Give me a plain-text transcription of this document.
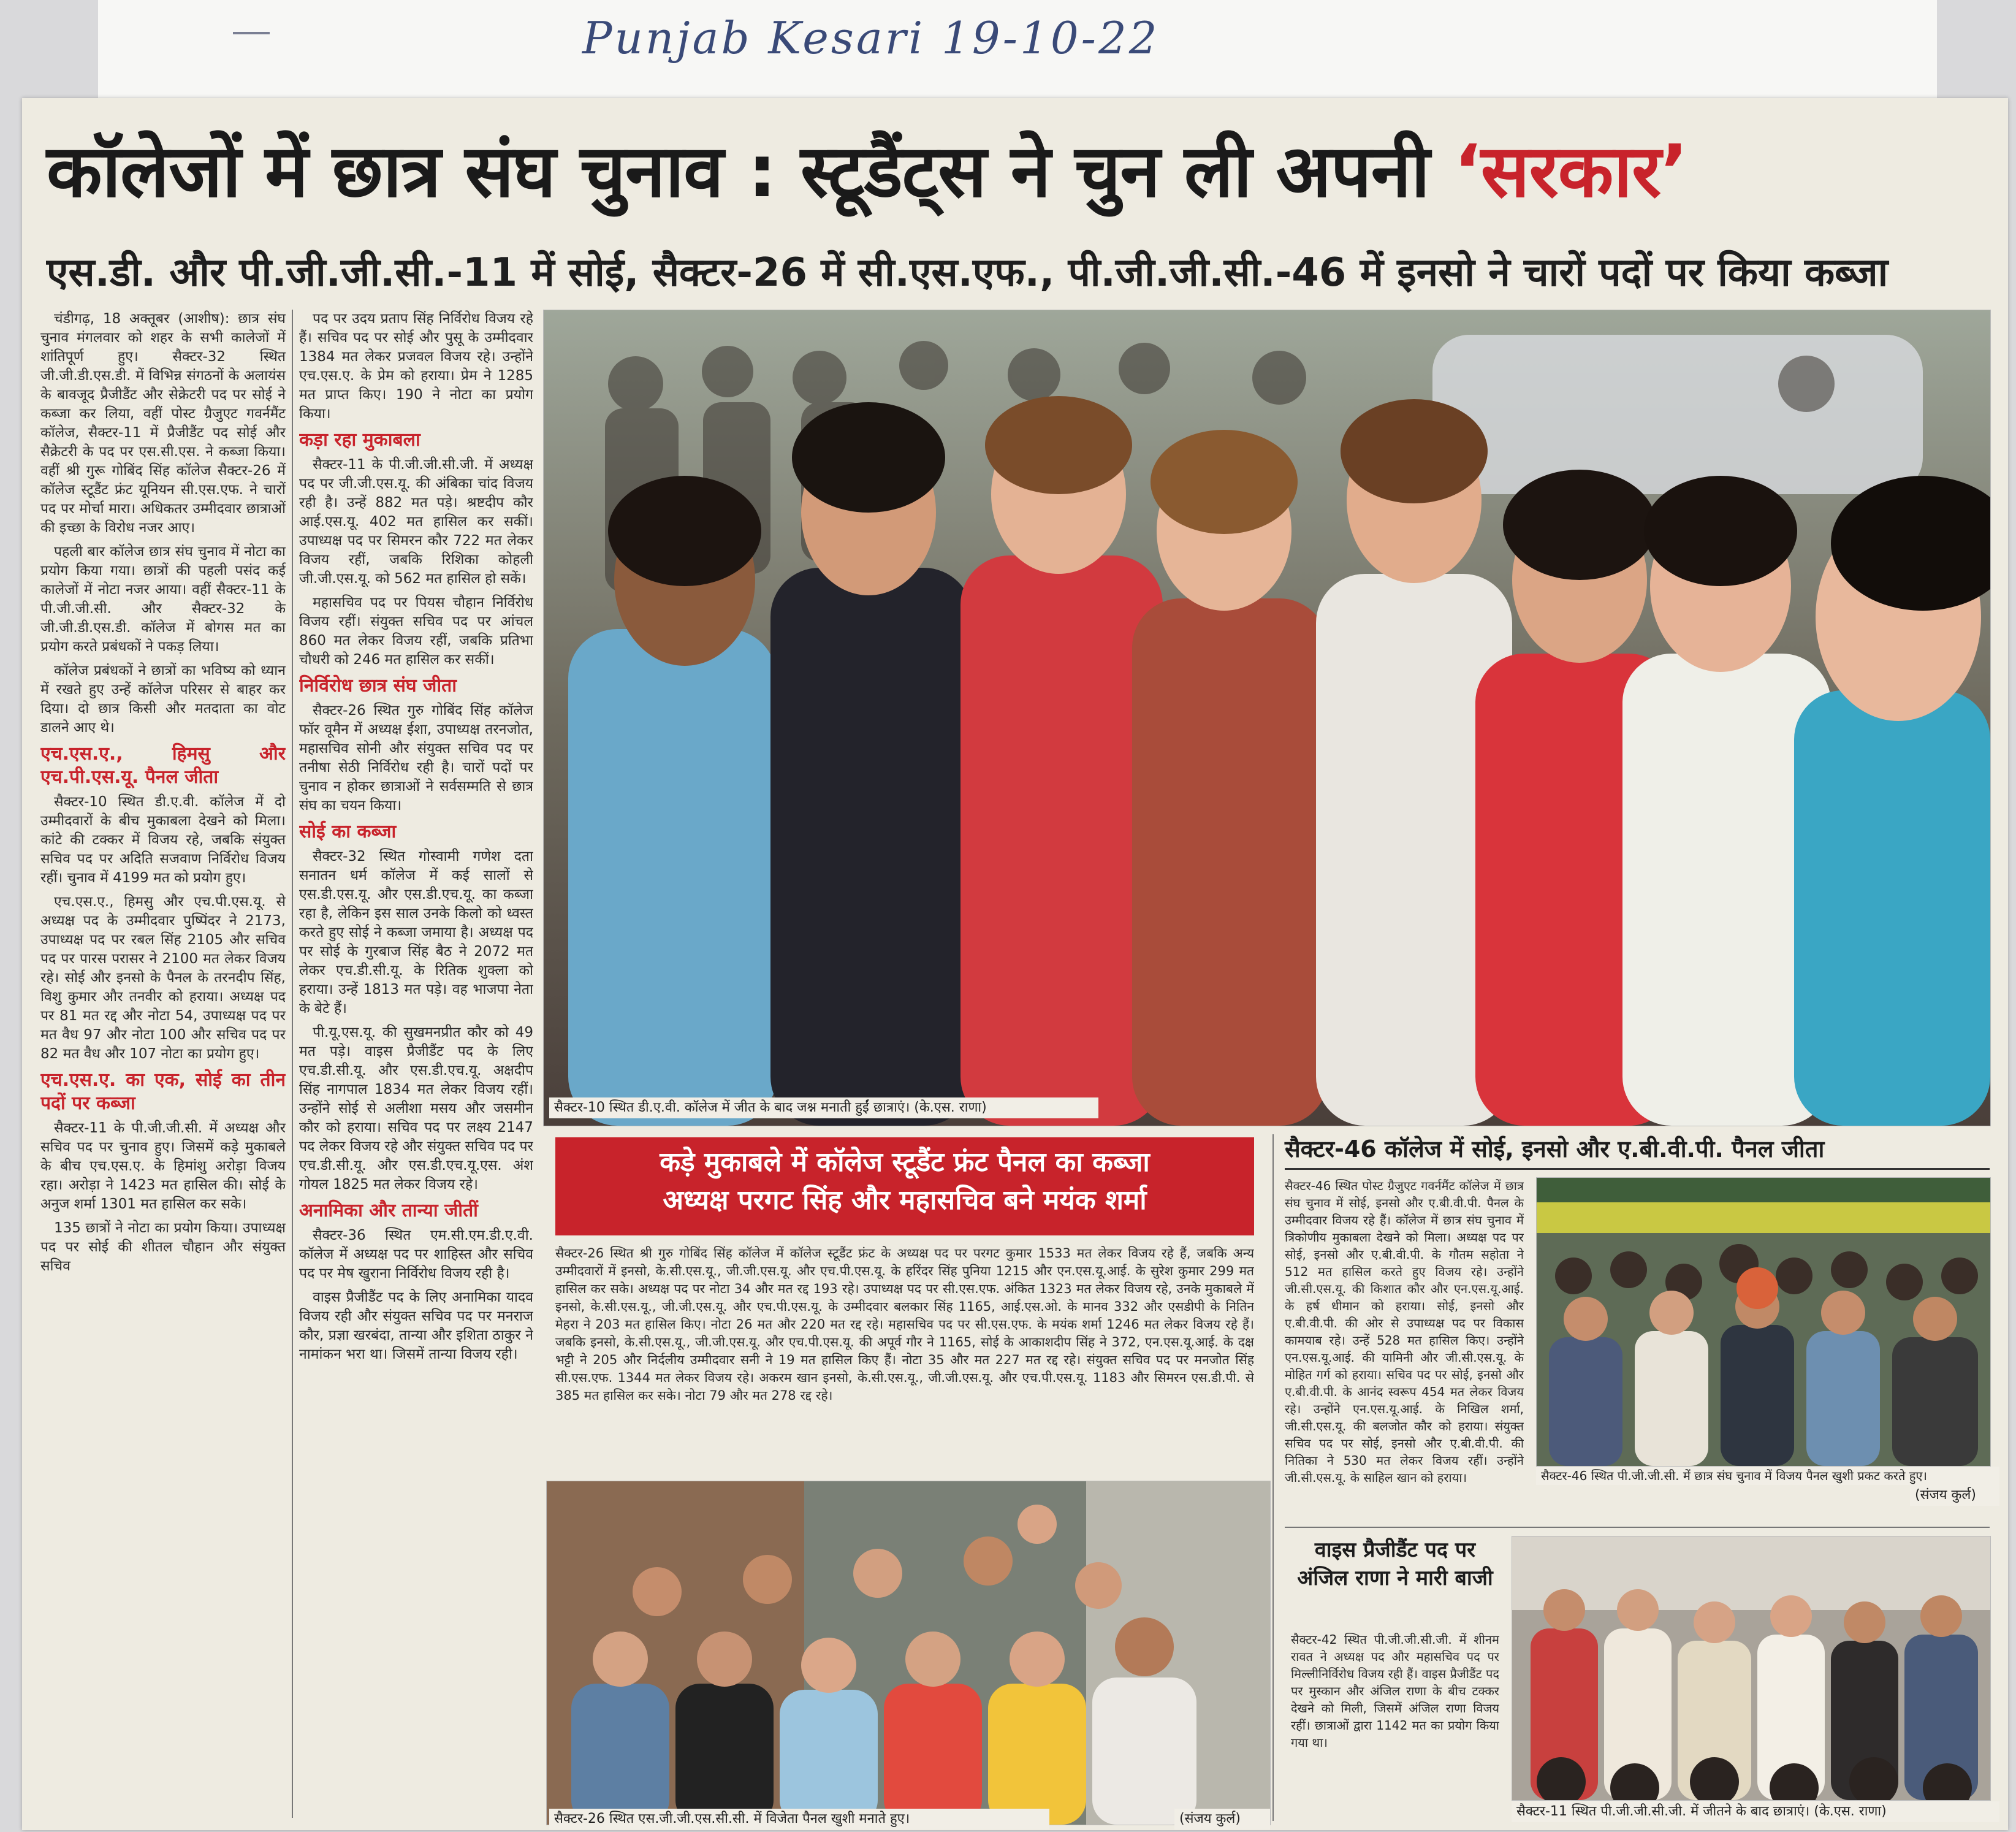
Punjab Kesari 19-10-22
कॉलेजों में छात्र संघ चुनाव : स्टूडैंट्स ने चुन ली अपनी ‘सरकार’
एस.डी. और पी.जी.जी.सी.-11 में सोई, सैक्टर-26 में सी.एस.एफ., पी.जी.जी.सी.-46 में इनसो ने चारों पदों पर किया कब्जा

चंडीगढ़, 18 अक्तूबर (आशीष): छात्र संघ चुनाव मंगलवार को शहर के सभी कालेजों में शांतिपूर्ण हुए। सैक्टर-32 स्थित जी.जी.डी.एस.डी. में विभिन्न संगठनों के अलायंस के बावजूद प्रैजीडैंट और सेक्रेटरी पद पर सोई ने कब्जा कर लिया, वहीं पोस्ट ग्रैजुएट गवर्नमैंट कॉलेज, सैक्टर-11 में प्रैजीडैंट पद सोई और सैक्रेटरी के पद पर एस.सी.एस. ने कब्जा किया। वहीं श्री गुरू गोबिंद सिंह कॉलेज सैक्टर-26 में कॉलेज स्टूडैंट फ्रंट यूनियन सी.एस.एफ. ने चारों पद पर मोर्चा मारा। अधिकतर उम्मीदवार छात्राओं की इच्छा के विरोध नजर आए।

पहली बार कॉलेज छात्र संघ चुनाव में नोटा का प्रयोग किया गया। छात्रों की पहली पसंद कई कालेजों में नोटा नजर आया। वहीं सैक्टर-11 के पी.जी.जी.सी. और सैक्टर-32 के जी.जी.डी.एस.डी. कॉलेज में बोगस मत का प्रयोग करते प्रबंधकों ने पकड़ लिया।

कॉलेज प्रबंधकों ने छात्रों का भविष्य को ध्यान में रखते हुए उन्हें कॉलेज परिसर से बाहर कर दिया। दो छात्र किसी और मतदाता का वोट डालने आए थे।

एच.एस.ए., हिमसु और एच.पी.एस.यू. पैनल जीता

सैक्टर-10 स्थित डी.ए.वी. कॉलेज में दो उम्मीदवारों के बीच मुकाबला देखने को मिला। कांटे की टक्कर में विजय रहे, जबकि संयुक्त सचिव पद पर अदिति सजवाण निर्विरोध विजय रहीं। चुनाव में 4199 मत को प्रयोग हुए।

एच.एस.ए., हिमसु और एच.पी.एस.यू. से अध्यक्ष पद के उम्मीदवार पुष्पिंदर ने 2173, उपाध्यक्ष पद पर रबल सिंह 2105 और सचिव पद पर पारस परासर ने 2100 मत लेकर विजय रहे। सोई और इनसो के पैनल के तरनदीप सिंह, विशु कुमार और तनवीर को हराया। अध्यक्ष पद पर 81 मत रद्द और नोटा 54, उपाध्यक्ष पद पर मत वैध 97 और नोटा 100 और सचिव पद पर 82 मत वैध और 107 नोटा का प्रयोग हुए।

एच.एस.ए. का एक, सोई का तीन पदों पर कब्जा

सैक्टर-11 के पी.जी.जी.सी. में अध्यक्ष और सचिव पद पर चुनाव हुए। जिसमें कड़े मुकाबले के बीच एच.एस.ए. के हिमांशु अरोड़ा विजय रहा। अरोड़ा ने 1423 मत हासिल की। सोई के अनुज शर्मा 1301 मत हासिल कर सके।

135 छात्रों ने नोटा का प्रयोग किया। उपाध्यक्ष पद पर सोई की शीतल चौहान और संयुक्त सचिव

पद पर उदय प्रताप सिंह निर्विरोध विजय रहे हैं। सचिव पद पर सोई और पुसू के उम्मीदवार 1384 मत लेकर प्रजवल विजय रहे। उन्होंने एच.एस.ए. के प्रेम को हराया। प्रेम ने 1285 मत प्राप्त किए। 190 ने नोटा का प्रयोग किया।

कड़ा रहा मुकाबला

सैक्टर-11 के पी.जी.जी.सी.जी. में अध्यक्ष पद पर जी.जी.एस.यू. की अंबिका चांद विजय रही है। उन्हें 882 मत पड़े। श्रष्टदीप कौर आई.एस.यू. 402 मत हासिल कर सकीं। उपाध्यक्ष पद पर सिमरन कौर 722 मत लेकर विजय रहीं, जबकि रिशिका कोहली जी.जी.एस.यू. को 562 मत हासिल हो सकें।

महासचिव पद पर पियस चौहान निर्विरोध विजय रहीं। संयुक्त सचिव पद पर आंचल 860 मत लेकर विजय रहीं, जबकि प्रतिभा चौधरी को 246 मत हासिल कर सकीं।

निर्विरोध छात्र संघ जीता

सैक्टर-26 स्थित गुरु गोबिंद सिंह कॉलेज फॉर वूमैन में अध्यक्ष ईशा, उपाध्यक्ष तरनजोत, महासचिव सोनी और संयुक्त सचिव पद पर तनीषा सेठी निर्विरोध रही है। चारों पदों पर चुनाव न होकर छात्राओं ने सर्वसम्मति से छात्र संघ का चयन किया।

सोई का कब्जा

सैक्टर-32 स्थित गोस्वामी गणेश दता सनातन धर्म कॉलेज में कई सालों से एस.डी.एस.यू. और एस.डी.एच.यू. का कब्जा रहा है, लेकिन इस साल उनके किलो को ध्वस्त करते हुए सोई ने कब्जा जमाया है। अध्यक्ष पद पर सोई के गुरबाज सिंह बैठ ने 2072 मत लेकर एच.डी.सी.यू. के रितिक शुक्ला को हराया। उन्हें 1813 मत पड़े। वह भाजपा नेता के बेटे हैं।

पी.यू.एस.यू. की सुखमनप्रीत कौर को 49 मत पड़े। वाइस प्रैजीडैंट पद के लिए एच.डी.सी.यू. और एस.डी.एच.यू. अक्षदीप सिंह नागपाल 1834 मत लेकर विजय रहीं। उन्होंने सोई से अलीशा मसय और जसमीन कौर को हराया। सचिव पद पर लक्ष्य 2147 पद लेकर विजय रहे और संयुक्त सचिव पद पर एच.डी.सी.यू. और एस.डी.एच.यू.एस. अंश गोयल 1825 मत लेकर विजय रहे।

अनामिका और तान्या जीतीं

सैक्टर-36 स्थित एम.सी.एम.डी.ए.वी. कॉलेज में अध्यक्ष पद पर शाहिस्त और सचिव पद पर मेष खुराना निर्विरोध विजय रही है।

वाइस प्रैजीडैंट पद के लिए अनामिका यादव विजय रही और संयुक्त सचिव पद पर मनराज कौर, प्रज्ञा खरबंदा, तान्या और इशिता ठाकुर ने नामांकन भरा था। जिसमें तान्या विजय रही।

सैक्टर-10 स्थित डी.ए.वी. कॉलेज में जीत के बाद जश्न मनाती हुईं छात्राएं। (के.एस. राणा)
कड़े मुकाबले में कॉलेज स्टूडैंट फ्रंट पैनल का कब्जा
अध्यक्ष परगट सिंह और महासचिव बने मयंक शर्मा
सैक्टर-26 स्थित श्री गुरु गोबिंद सिंह कॉलेज में कॉलेज स्टूडैंट फ्रंट के अध्यक्ष पद पर परगट कुमार 1533 मत लेकर विजय रहे हैं, जबकि अन्य उम्मीदवारों में इनसो, के.सी.एस.यू., जी.जी.एस.यू. और एच.पी.एस.यू. के हरिंदर सिंह पुनिया 1215 और एन.एस.यू.आई. के सुरेश कुमार 299 मत हासिल कर सके। अध्यक्ष पद पर नोटा 34 और मत रद्द 193 रहे। उपाध्यक्ष पद पर सी.एस.एफ. अंकित 1323 मत लेकर विजय रहे, उनके मुकाबले में इनसो, के.सी.एस.यू., जी.जी.एस.यू. और एच.पी.एस.यू. के उम्मीदवार बलकार सिंह 1165, आई.एस.ओ. के मानव 332 और एसडीपी के नितिन मेहरा ने 203 मत हासिल किए। नोटा 26 मत और 220 मत रद्द रहे। महासचिव पद पर सी.एस.एफ. के मयंक शर्मा 1246 मत लेकर विजय रहे हैं। जबकि इनसो, के.सी.एस.यू., जी.जी.एस.यू. और एच.पी.एस.यू. की अपूर्व गौर ने 1165, सोई के आकाशदीप सिंह ने 372, एन.एस.यू.आई. के दक्ष भट्टी ने 205 और निर्दलीय उम्मीदवार सनी ने 19 मत हासिल किए हैं। नोटा 35 और मत 227 मत रद्द रहे। संयुक्त सचिव पद पर मनजोत सिंह सी.एस.एफ. 1344 मत लेकर विजय रहे। अकरम खान इनसो, के.सी.एस.यू., जी.जी.एस.यू. और एच.पी.एस.यू. 1183 और सिमरन एस.डी.पी. से 385 मत हासिल कर सके। नोटा 79 और मत 278 रद्द रहे।
सैक्टर-26 स्थित एस.जी.जी.एस.सी.सी. में विजेता पैनल खुशी मनाते हुए।	(संजय कुर्ल)
सैक्टर-46 कॉलेज में सोई, इनसो और ए.बी.वी.पी. पैनल जीता
सैक्टर-46 स्थित पोस्ट ग्रैजुएट गवर्नमैंट कॉलेज में छात्र संघ चुनाव में सोई, इनसो और ए.बी.वी.पी. पैनल के उम्मीदवार विजय रहे हैं। कॉलेज में छात्र संघ चुनाव में त्रिकोणीय मुकाबला देखने को मिला। अध्यक्ष पद पर सोई, इनसो और ए.बी.वी.पी. के गौतम सहोता ने 512 मत हासिल करते हुए विजय रहे। उन्होंने जी.सी.एस.यू. की किशात कौर और एन.एस.यू.आई. के हर्ष धीमान को हराया। सोई, इनसो और ए.बी.वी.पी. की ओर से उपाध्यक्ष पद पर विकास कामयाब रहे। उन्हें 528 मत हासिल किए। उन्होंने एन.एस.यू.आई. की यामिनी और जी.सी.एस.यू. के मोहित गर्ग को हराया। सचिव पद पर सोई, इनसो और ए.बी.वी.पी. के आनंद स्वरूप 454 मत लेकर विजय रहे। उन्होंने एन.एस.यू.आई. के निखिल शर्मा, जी.सी.एस.यू. की बलजोत कौर को हराया। संयुक्त सचिव पद पर सोई, इनसो और ए.बी.वी.पी. की नितिका ने 530 मत लेकर विजय रहीं। उन्होंने जी.सी.एस.यू. के साहिल खान को हराया।	सैक्टर-46 स्थित पी.जी.जी.सी. में छात्र संघ चुनाव में विजय पैनल खुशी प्रकट करते हुए।
(संजय कुर्ल)
वाइस प्रैजीडैंट पद पर अंजिल राणा ने मारी बाजी
सैक्टर-42 स्थित पी.जी.जी.सी.जी. में शीनम रावत ने अध्यक्ष पद और महासचिव पद पर मिल्लीनिर्विरोध विजय रही हैं। वाइस प्रैजीडैंट पद पर मुस्कान और अंजिल राणा के बीच टक्कर देखने को मिली, जिसमें अंजिल राणा विजय रहीं। छात्राओं द्वारा 1142 मत का प्रयोग किया गया था।
सैक्टर-11 स्थित पी.जी.जी.सी.जी. में जीतने के बाद छात्राएं। (के.एस. राणा)
